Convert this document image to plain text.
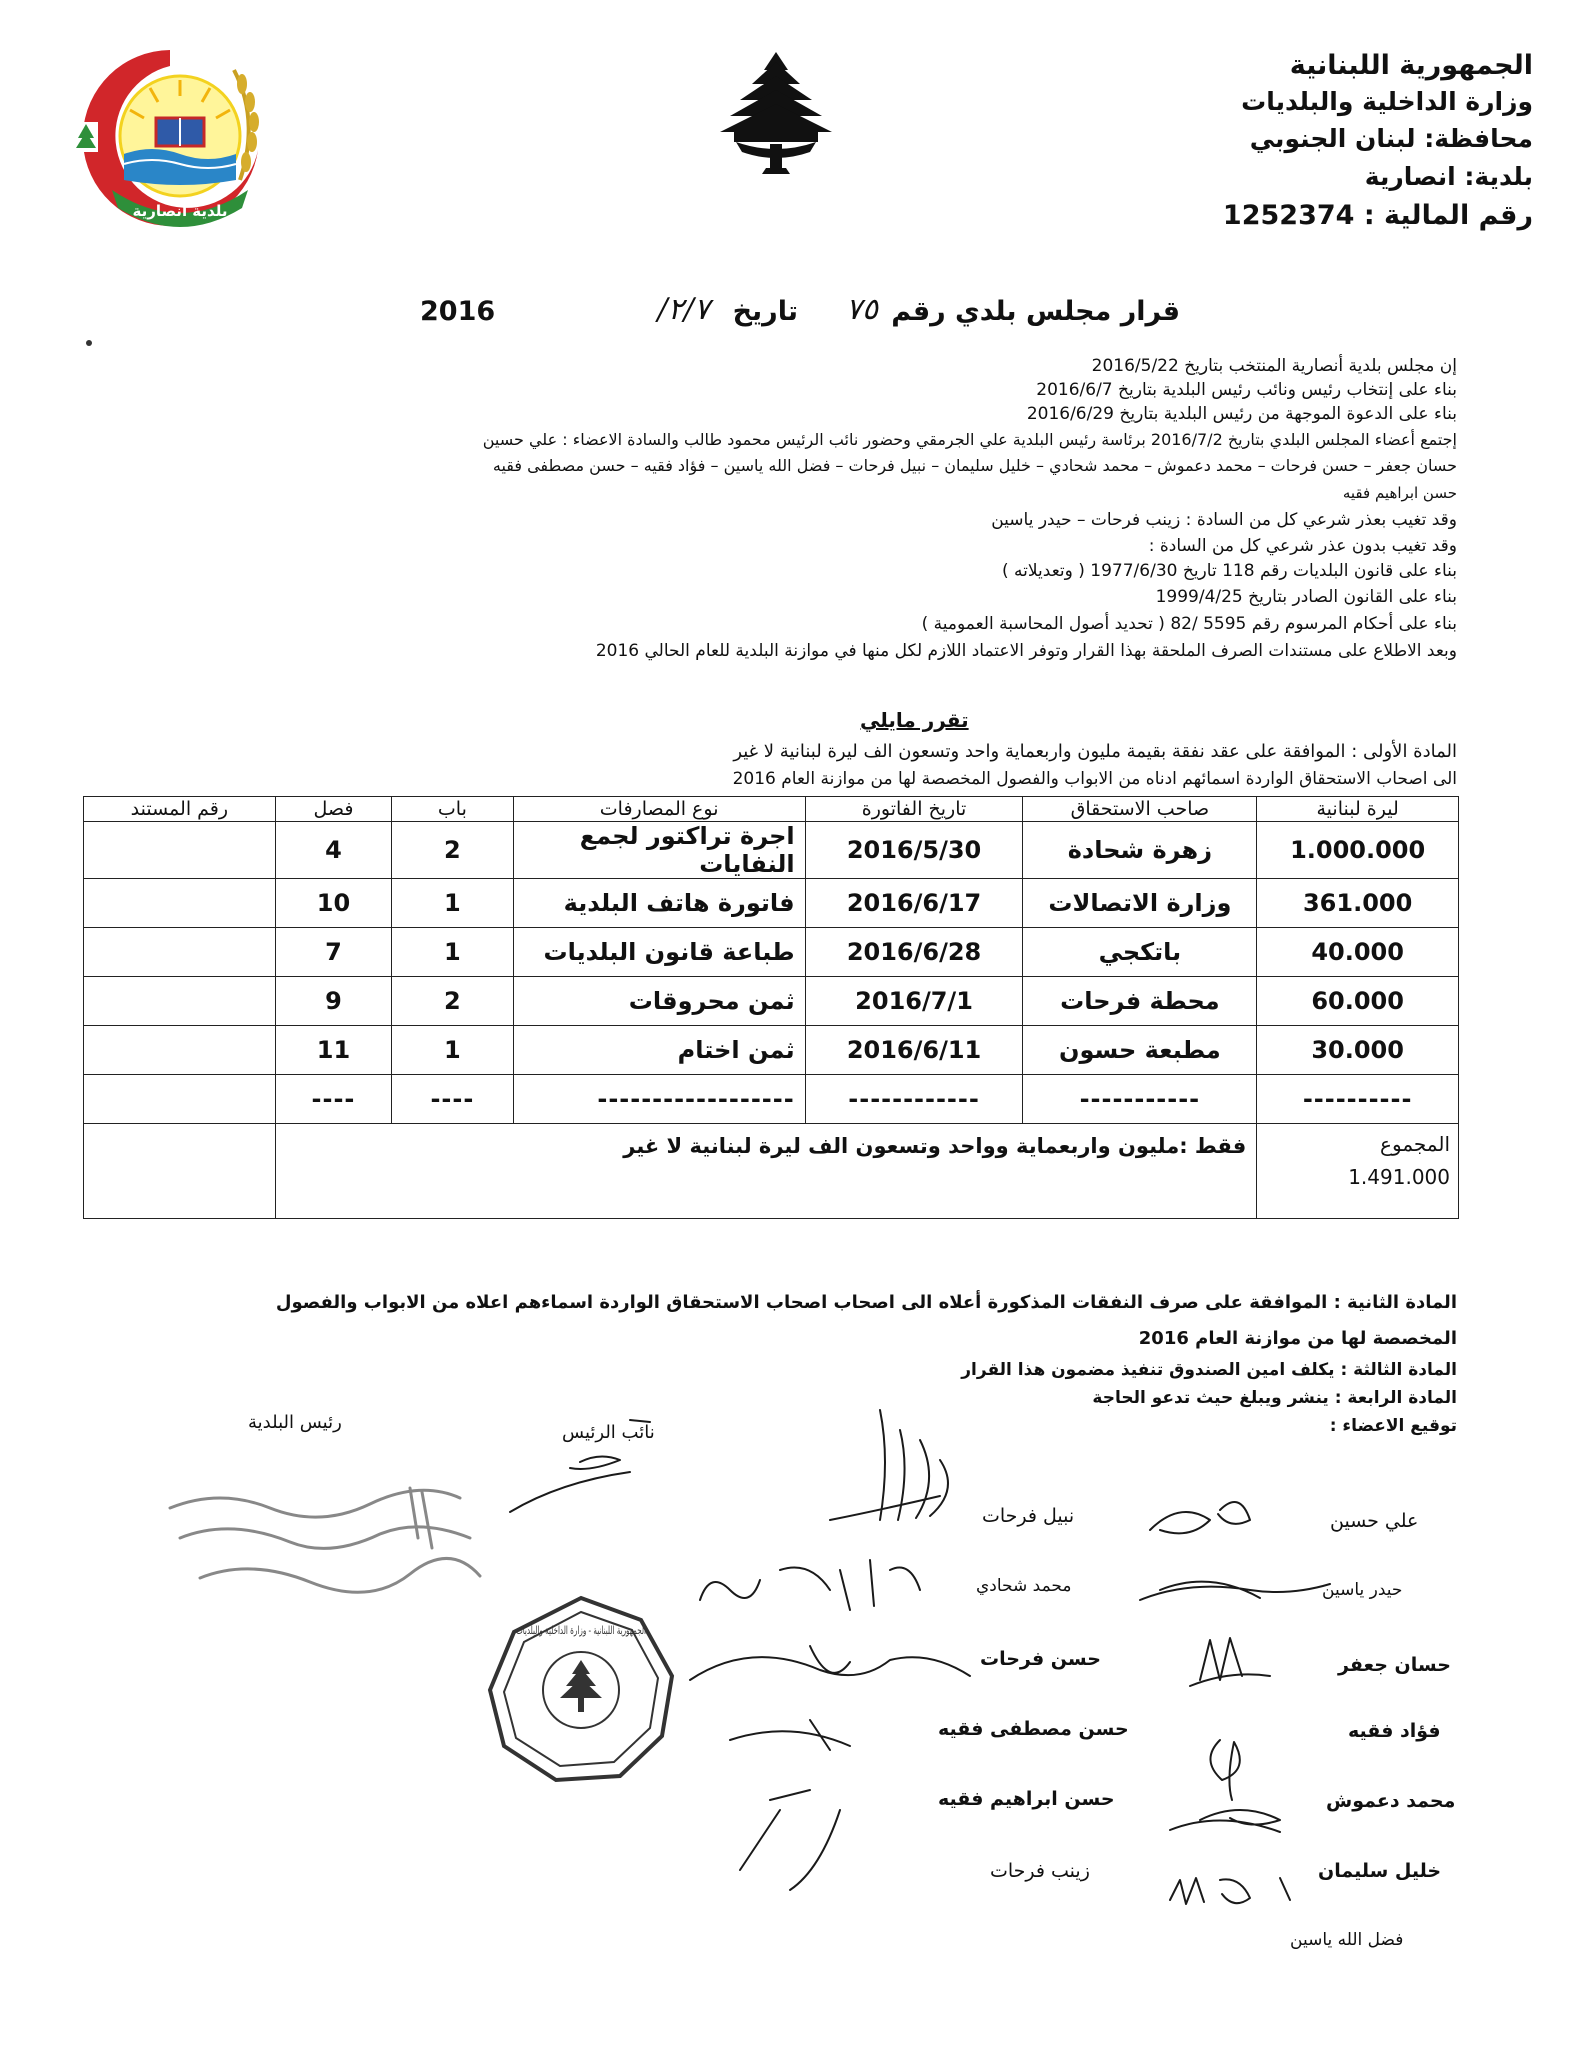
الجمهورية اللبنانية
وزارة الداخلية والبلديات
محافظة: لبنان الجنوبي
بلدية: انصارية
رقم المالية : 1252374
بلدية أنصارية
قرار مجلس بلدي رقم
٧٥
تاريخ
٢/٧/
2016
إن مجلس بلدية أنصارية المنتخب بتاريخ 2016/5/22
بناء على إنتخاب رئيس ونائب رئيس البلدية بتاريخ 2016/6/7
بناء على الدعوة الموجهة من رئيس البلدية بتاريخ 2016/6/29
إجتمع أعضاء المجلس البلدي بتاريخ 2016/7/2 برئاسة رئيس البلدية علي الجرمقي وحضور نائب الرئيس محمود طالب والسادة الاعضاء : علي حسين
حسان جعفر – حسن فرحات – محمد دعموش – محمد شحادي – خليل سليمان – نبيل فرحات – فضل الله ياسين – فؤاد فقيه – حسن مصطفى فقيه
حسن ابراهيم فقيه
وقد تغيب بعذر شرعي كل من السادة : زينب فرحات – حيدر ياسين
وقد تغيب بدون عذر شرعي كل من السادة :
بناء على قانون البلديات رقم 118 تاريخ 1977/6/30 ( وتعديلاته )
بناء على القانون الصادر بتاريخ 1999/4/25
بناء على أحكام المرسوم رقم 5595 /82 ( تحديد أصول المحاسبة العمومية )
وبعد الاطلاع على مستندات الصرف الملحقة بهذا القرار وتوفر الاعتماد اللازم لكل منها في موازنة البلدية للعام الحالي 2016
تقرر مايلي
المادة الأولى : الموافقة على عقد نفقة بقيمة مليون واربعماية واحد وتسعون الف ليرة لبنانية لا غير
الى اصحاب الاستحقاق الواردة اسمائهم ادناه من الابواب والفصول المخصصة لها من موازنة العام 2016
ليرة لبنانية	صاحب الاستحقاق	تاريخ الفاتورة	نوع المصارفات	باب	فصل	رقم المستند
1.000.000	زهرة شحادة	2016/5/30	اجرة تراكتور لجمع النفايات	2	4	
361.000	وزارة الاتصالات	2016/6/17	فاتورة هاتف البلدية	1	10	
40.000	باتكجي	2016/6/28	طباعة قانون البلديات	1	7	
60.000	محطة فرحات	2016/7/1	ثمن محروقات	2	9	
30.000	مطبعة حسون	2016/6/11	ثمن اختام	1	11	
----------	-----------	------------	------------------	----	----	

المجموع
1.491.000	فقط :مليون واربعماية وواحد وتسعون الف ليرة لبنانية لا غير					

المادة الثانية : الموافقة على صرف النفقات المذكورة أعلاه الى اصحاب اصحاب الاستحقاق الواردة اسماءهم اعلاه من الابواب والفصول
المخصصة لها من موازنة العام 2016
المادة الثالثة : يكلف امين الصندوق تنفيذ مضمون هذا القرار
المادة الرابعة : ينشر ويبلغ حيث تدعو الحاجة
توقيع الاعضاء :
رئيس البلدية	نائب الرئيس
نبيل فرحات
محمد شحادي
حسن فرحات
حسن مصطفى فقيه
حسن ابراهيم فقيه
زينب فرحات
علي حسين
حيدر ياسين
حسان جعفر
فؤاد فقيه
محمد دعموش
خليل سليمان
فضل الله ياسين
الجمهورية اللبنانية - وزارة الداخلية والبلديات
